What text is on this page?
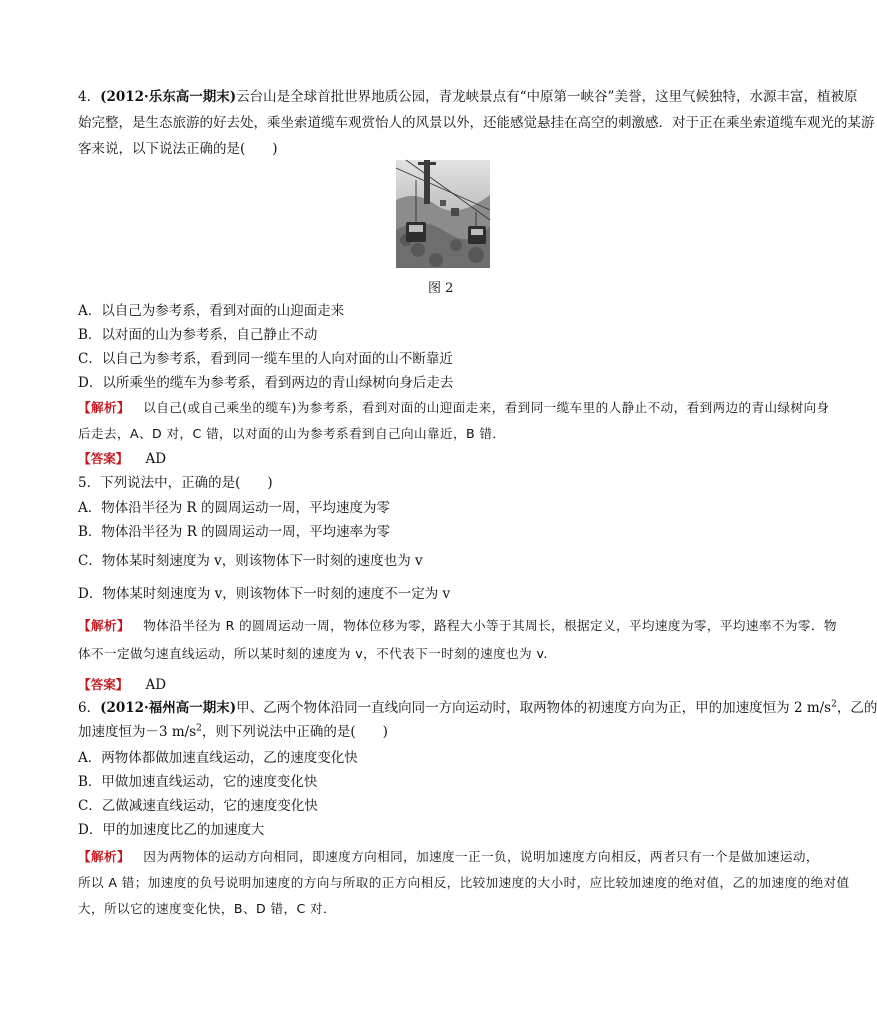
4．(2012·乐东高一期末)云台山是全球首批世界地质公园，青龙峡景点有“中原第一峡谷”美誉，这里气候独特，水源丰富，植被原
始完整，是生态旅游的好去处，乘坐索道缆车观赏怡人的风景以外，还能感觉悬挂在高空的刺激感．对于正在乘坐索道缆车观光的某游
客来说，以下说法正确的是(　　)
图 2
A．以自己为参考系，看到对面的山迎面走来
B．以对面的山为参考系，自己静止不动
C．以自己为参考系，看到同一缆车里的人向对面的山不断靠近
D．以所乘坐的缆车为参考系，看到两边的青山绿树向身后走去
【解析】 以自己(或自己乘坐的缆车)为参考系，看到对面的山迎面走来，看到同一缆车里的人静止不动，看到两边的青山绿树向身
后走去，A、D 对，C 错，以对面的山为参考系看到自己向山靠近，B 错．
【答案】 AD
5．下列说法中，正确的是(　　)
A．物体沿半径为 R 的圆周运动一周，平均速度为零
B．物体沿半径为 R 的圆周运动一周，平均速率为零
C．物体某时刻速度为 v，则该物体下一时刻的速度也为 v
D．物体某时刻速度为 v，则该物体下一时刻的速度不一定为 v
【解析】 物体沿半径为 R 的圆周运动一周，物体位移为零，路程大小等于其周长，根据定义，平均速度为零，平均速率不为零．物
体不一定做匀速直线运动，所以某时刻的速度为 v，不代表下一时刻的速度也为 v.
【答案】 AD
6．(2012·福州高一期末)甲、乙两个物体沿同一直线向同一方向运动时，取两物体的初速度方向为正，甲的加速度恒为 2 $m/s^2$，乙的
加速度恒为－3 $m/s^2$，则下列说法中正确的是(　　)
A．两物体都做加速直线运动，乙的速度变化快
B．甲做加速直线运动，它的速度变化快
C．乙做减速直线运动，它的速度变化快
D．甲的加速度比乙的加速度大
【解析】 因为两物体的运动方向相同，即速度方向相同，加速度一正一负，说明加速度方向相反，两者只有一个是做加速运动，
所以 A 错；加速度的负号说明加速度的方向与所取的正方向相反，比较加速度的大小时，应比较加速度的绝对值，乙的加速度的绝对值
大，所以它的速度变化快，B、D 错，C 对．
